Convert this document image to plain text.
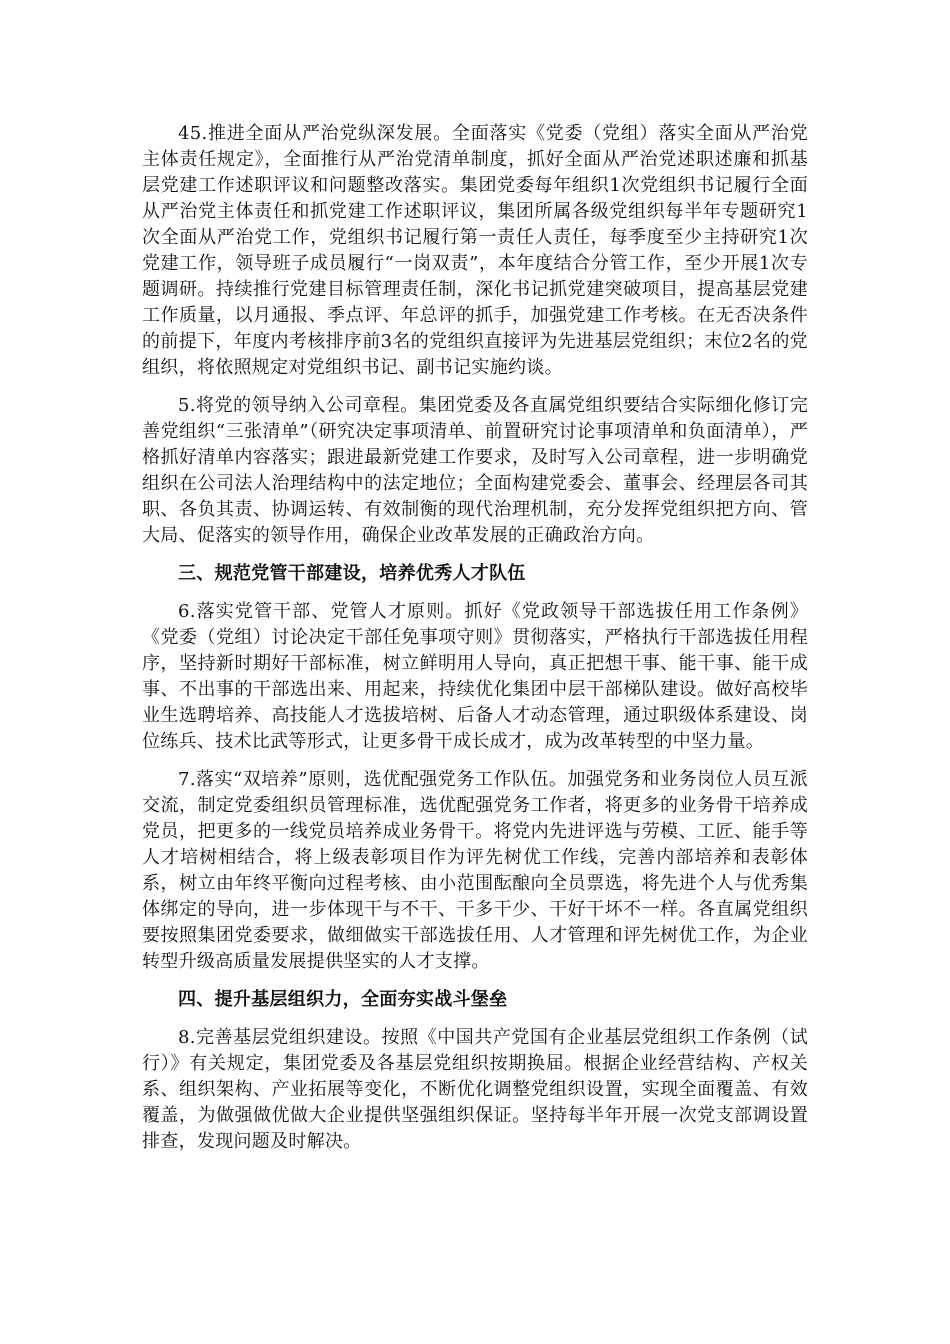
45.推进全面从严治党纵深发展。全面落实《党委（党组）落实全面从严治党主体责任规定》，全面推行从严治党清单制度，抓好全面从严治党述职述廉和抓基层党建工作述职评议和问题整改落实。集团党委每年组织1次党组织书记履行全面从严治党主体责任和抓党建工作述职评议，集团所属各级党组织每半年专题研究1次全面从严治党工作，党组织书记履行第一责任人责任，每季度至少主持研究1次党建工作，领导班子成员履行“一岗双责”，本年度结合分管工作，至少开展1次专题调研。持续推行党建目标管理责任制，深化书记抓党建突破项目，提高基层党建工作质量，以月通报、季点评、年总评的抓手，加强党建工作考核。在无否决条件的前提下，年度内考核排序前3名的党组织直接评为先进基层党组织；末位2名的党组织，将依照规定对党组织书记、副书记实施约谈。

5.将党的领导纳入公司章程。集团党委及各直属党组织要结合实际细化修订完善党组织“三张清单”（研究决定事项清单、前置研究讨论事项清单和负面清单），严格抓好清单内容落实；跟进最新党建工作要求，及时写入公司章程，进一步明确党组织在公司法人治理结构中的法定地位；全面构建党委会、董事会、经理层各司其职、各负其责、协调运转、有效制衡的现代治理机制，充分发挥党组织把方向、管大局、促落实的领导作用，确保企业改革发展的正确政治方向。

三、规范党管干部建设，培养优秀人才队伍

6.落实党管干部、党管人才原则。抓好《党政领导干部选拔任用工作条例》《党委（党组）讨论决定干部任免事项守则》贯彻落实，严格执行干部选拔任用程序，坚持新时期好干部标准，树立鲜明用人导向，真正把想干事、能干事、能干成事、不出事的干部选出来、用起来，持续优化集团中层干部梯队建设。做好高校毕业生选聘培养、高技能人才选拔培树、后备人才动态管理，通过职级体系建设、岗位练兵、技术比武等形式，让更多骨干成长成才，成为改革转型的中坚力量。

7.落实“双培养”原则，选优配强党务工作队伍。加强党务和业务岗位人员互派交流，制定党委组织员管理标准，选优配强党务工作者，将更多的业务骨干培养成党员，把更多的一线党员培养成业务骨干。将党内先进评选与劳模、工匠、能手等人才培树相结合，将上级表彰项目作为评先树优工作线，完善内部培养和表彰体系，树立由年终平衡向过程考核、由小范围酝酿向全员票选，将先进个人与优秀集体绑定的导向，进一步体现干与不干、干多干少、干好干坏不一样。各直属党组织要按照集团党委要求，做细做实干部选拔任用、人才管理和评先树优工作，为企业转型升级高质量发展提供坚实的人才支撑。

四、提升基层组织力，全面夯实战斗堡垒

8.完善基层党组织建设。按照《中国共产党国有企业基层党组织工作条例（试行）》有关规定，集团党委及各基层党组织按期换届。根据企业经营结构、产权关系、组织架构、产业拓展等变化，不断优化调整党组织设置，实现全面覆盖、有效覆盖，为做强做优做大企业提供坚强组织保证。坚持每半年开展一次党支部调设置排查，发现问题及时解决。
